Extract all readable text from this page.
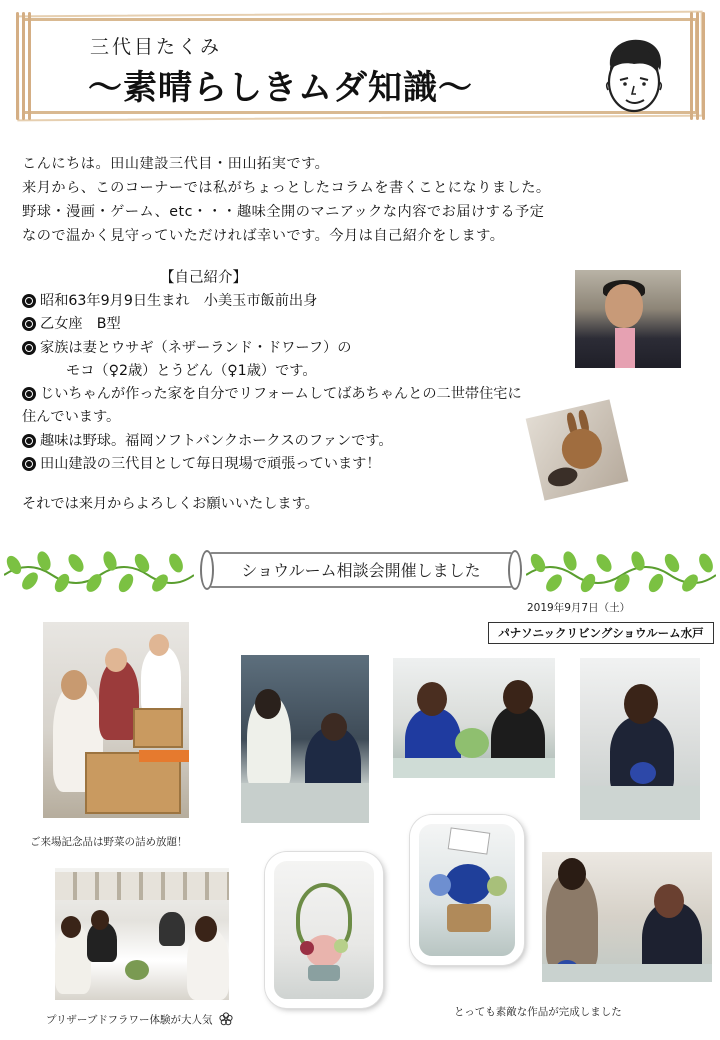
三代目たくみ
～素晴らしきムダ知識～
こんにちは。田山建設三代目・田山拓実です。
来月から、このコーナーでは私がちょっとしたコラムを書くことになりました。
野球・漫画・ゲーム、etc・・・趣味全開のマニアックな内容でお届けする予定
なので温かく見守っていただければ幸いです。今月は自己紹介をします。
【自己紹介】
昭和63年9月9日生まれ　小美玉市飯前出身
乙女座　B型
家族は妻とウサギ（ネザーランド・ドワーフ）の
モコ（♀2歳）とうどん（♀1歳）です。
じいちゃんが作った家を自分でリフォームしてばあちゃんとの二世帯住宅に
住んでいます。
趣味は野球。福岡ソフトバンクホークスのファンです。
田山建設の三代目として毎日現場で頑張っています！
それでは来月からよろしくお願いいたします。
ショウルーム相談会開催しました
2019年9月7日（土）
パナソニックリビングショウルーム水戸
ご来場記念品は野菜の詰め放題！
プリザーブドフラワー体験が大人気
とっても素敵な作品が完成しました
